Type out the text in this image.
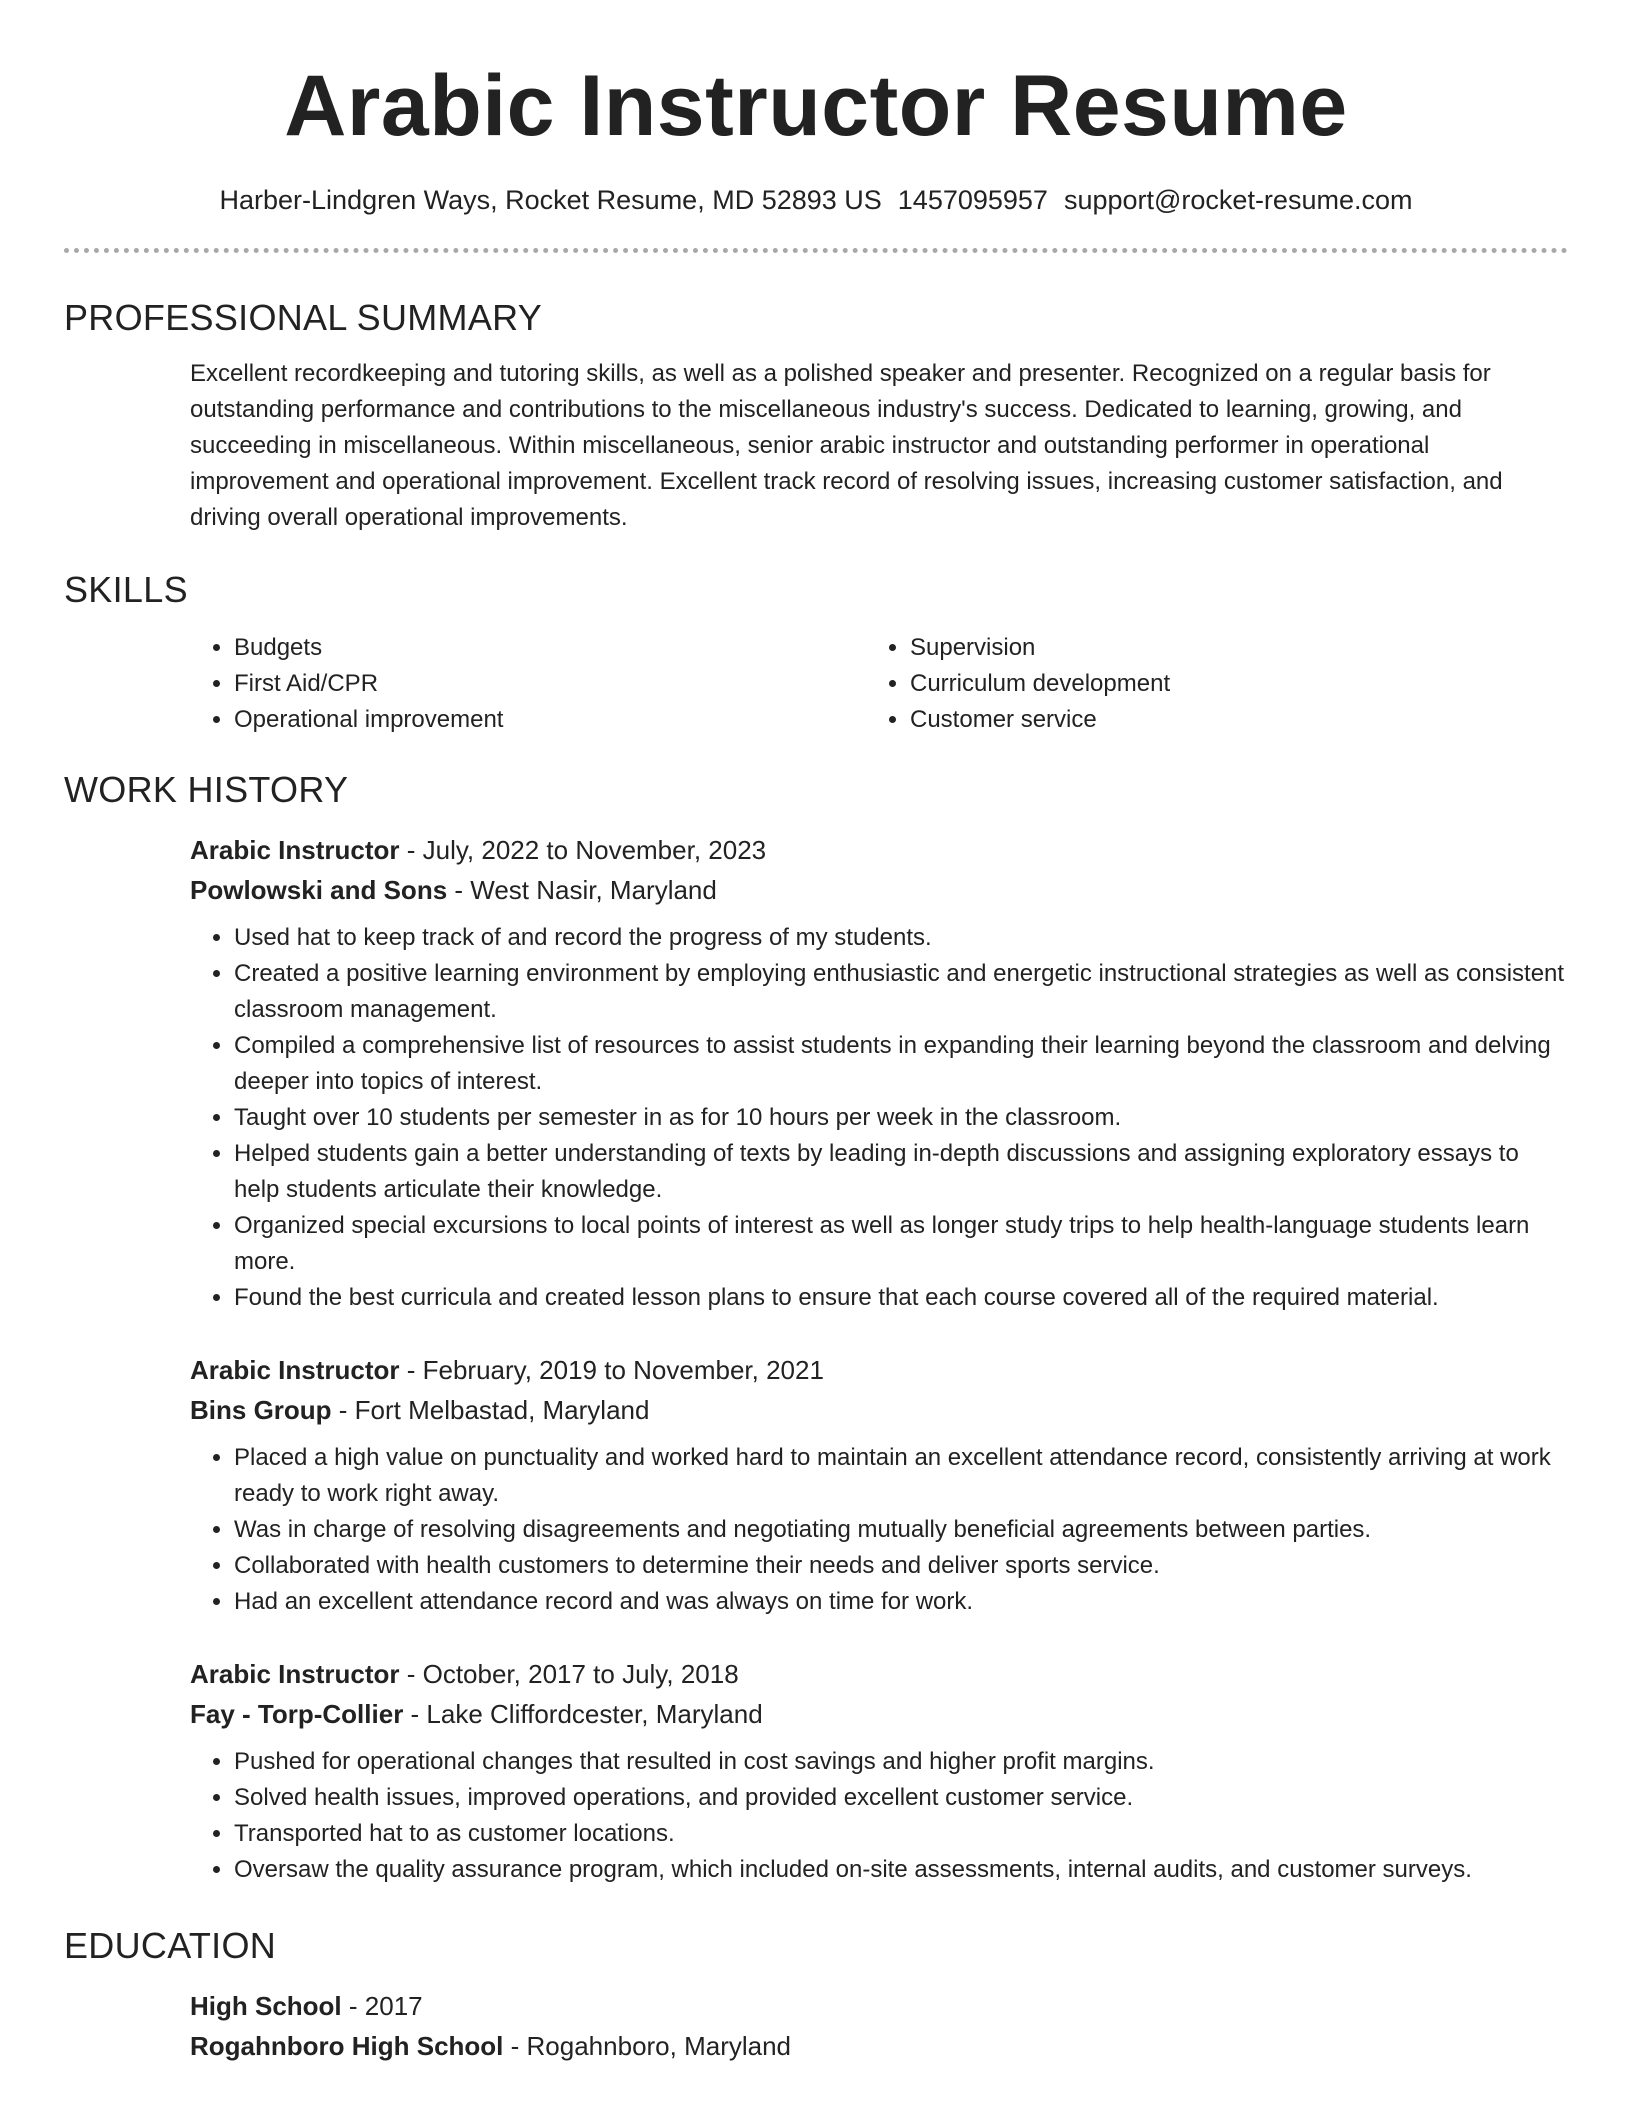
Arabic Instructor Resume
Harber-Lindgren Ways, Rocket Resume, MD 52893 US 1457095957 support@rocket-resume.com
PROFESSIONAL SUMMARY

Excellent recordkeeping and tutoring skills, as well as a polished speaker and presenter. Recognized on a regular basis for outstanding performance and contributions to the miscellaneous industry's success. Dedicated to learning, growing, and succeeding in miscellaneous. Within miscellaneous, senior arabic instructor and outstanding performer in operational improvement and operational improvement. Excellent track record of resolving issues, increasing customer satisfaction, and driving overall operational improvements.

SKILLS
• Budgets
• First Aid/CPR
• Operational improvement
• Supervision
• Curriculum development
• Customer service
WORK HISTORY
Arabic Instructor - July, 2022 to November, 2023
Powlowski and Sons - West Nasir, Maryland
• Used hat to keep track of and record the progress of my students.
• Created a positive learning environment by employing enthusiastic and energetic instructional strategies as well as consistent classroom management.
• Compiled a comprehensive list of resources to assist students in expanding their learning beyond the classroom and delving deeper into topics of interest.
• Taught over 10 students per semester in as for 10 hours per week in the classroom.
• Helped students gain a better understanding of texts by leading in-depth discussions and assigning exploratory essays to help students articulate their knowledge.
• Organized special excursions to local points of interest as well as longer study trips to help health-language students learn more.
• Found the best curricula and created lesson plans to ensure that each course covered all of the required material.
Arabic Instructor - February, 2019 to November, 2021
Bins Group - Fort Melbastad, Maryland
• Placed a high value on punctuality and worked hard to maintain an excellent attendance record, consistently arriving at work ready to work right away.
• Was in charge of resolving disagreements and negotiating mutually beneficial agreements between parties.
• Collaborated with health customers to determine their needs and deliver sports service.
• Had an excellent attendance record and was always on time for work.
Arabic Instructor - October, 2017 to July, 2018
Fay - Torp-Collier - Lake Cliffordcester, Maryland
• Pushed for operational changes that resulted in cost savings and higher profit margins.
• Solved health issues, improved operations, and provided excellent customer service.
• Transported hat to as customer locations.
• Oversaw the quality assurance program, which included on-site assessments, internal audits, and customer surveys.
EDUCATION
High School - 2017
Rogahnboro High School - Rogahnboro, Maryland
